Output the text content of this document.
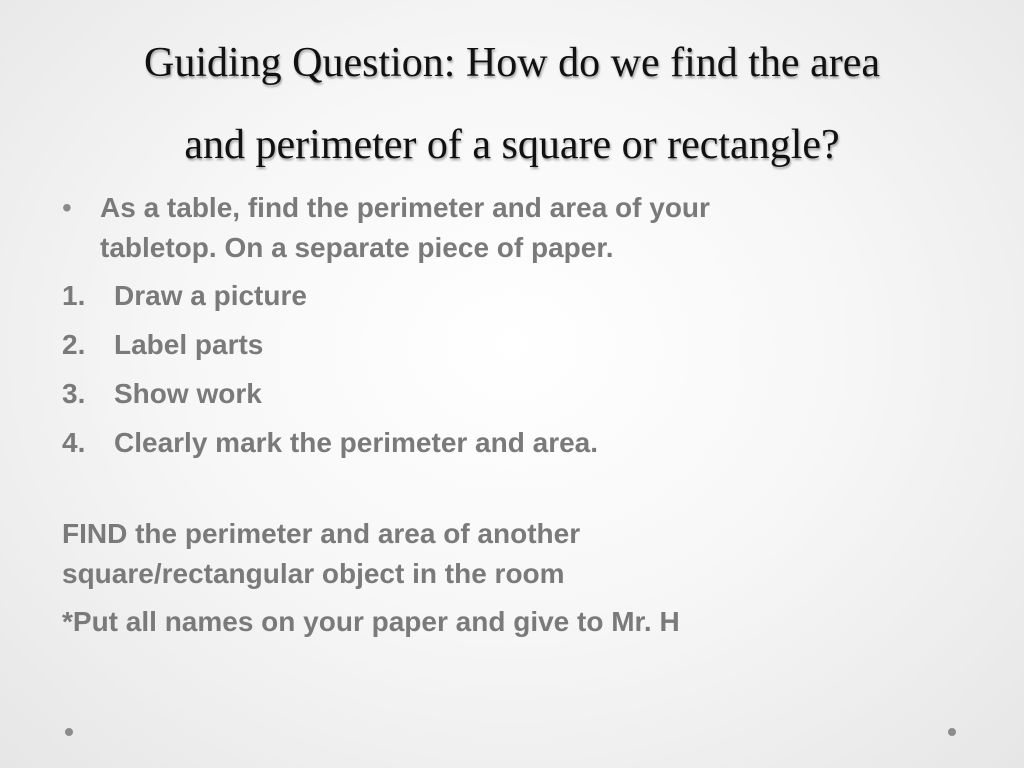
Guiding Question: How do we find the area
and perimeter of a square or rectangle?
• As a table, find the perimeter and area of your
tabletop. On a separate piece of paper.
1. Draw a picture
2. Label parts
3. Show work
4. Clearly mark the perimeter and area.
FIND the perimeter and area of another
square/rectangular object in the room
*Put all names on your paper and give to Mr. H
